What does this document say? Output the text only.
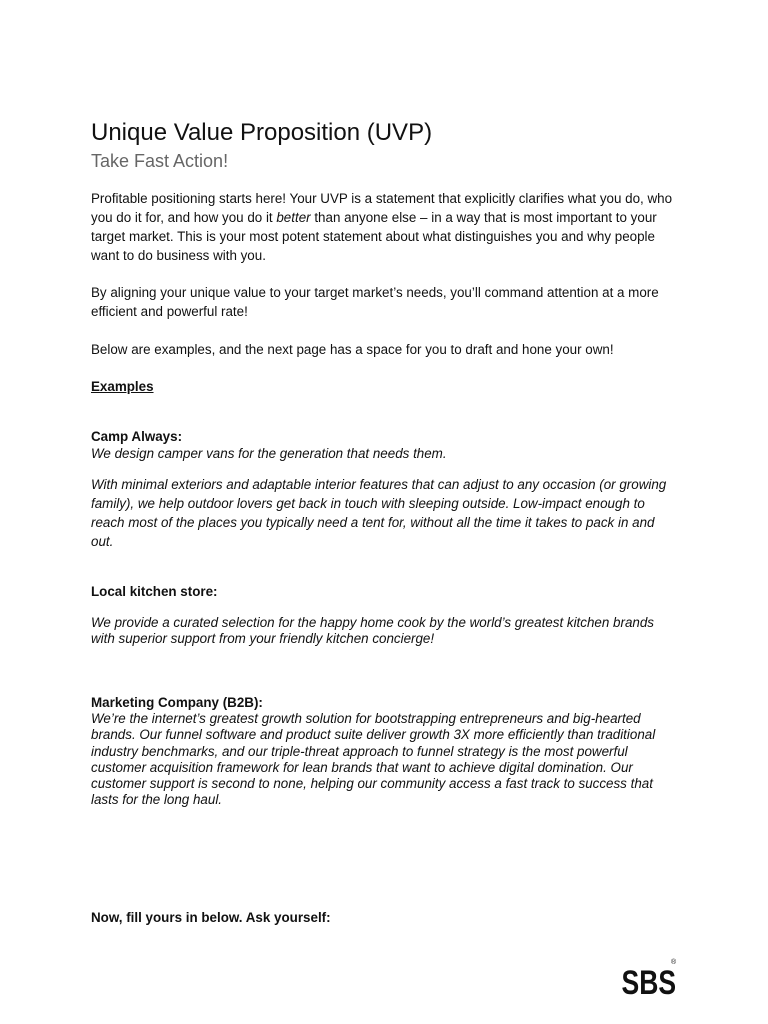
Unique Value Proposition (UVP)
Take Fast Action!

Profitable positioning starts here! Your UVP is a statement that explicitly clarifies what you do, who you do it for, and how you do it better than anyone else – in a way that is most important to your target market. This is your most potent statement about what distinguishes you and why people want to do business with you.

By aligning your unique value to your target market’s needs, you’ll command attention at a more efficient and powerful rate!

Below are examples, and the next page has a space for you to draft and hone your own!

Examples

Camp Always:

We design camper vans for the generation that needs them.

With minimal exteriors and adaptable interior features that can adjust to any occasion (or growing family), we help outdoor lovers get back in touch with sleeping outside. Low-impact enough to reach most of the places you typically need a tent for, without all the time it takes to pack in and out.

Local kitchen store:

We provide a curated selection for the happy home cook by the world’s greatest kitchen brands with superior support from your friendly kitchen concierge!

Marketing Company (B2B):

We’re the internet’s greatest growth solution for bootstrapping entrepreneurs and big-hearted brands. Our funnel software and product suite deliver growth 3X more efficiently than traditional industry benchmarks, and our triple-threat approach to funnel strategy is the most powerful customer acquisition framework for lean brands that want to achieve digital domination. Our customer support is second to none, helping our community access a fast track to success that lasts for the long haul.

Now, fill yours in below. Ask yourself:

SBS
®
